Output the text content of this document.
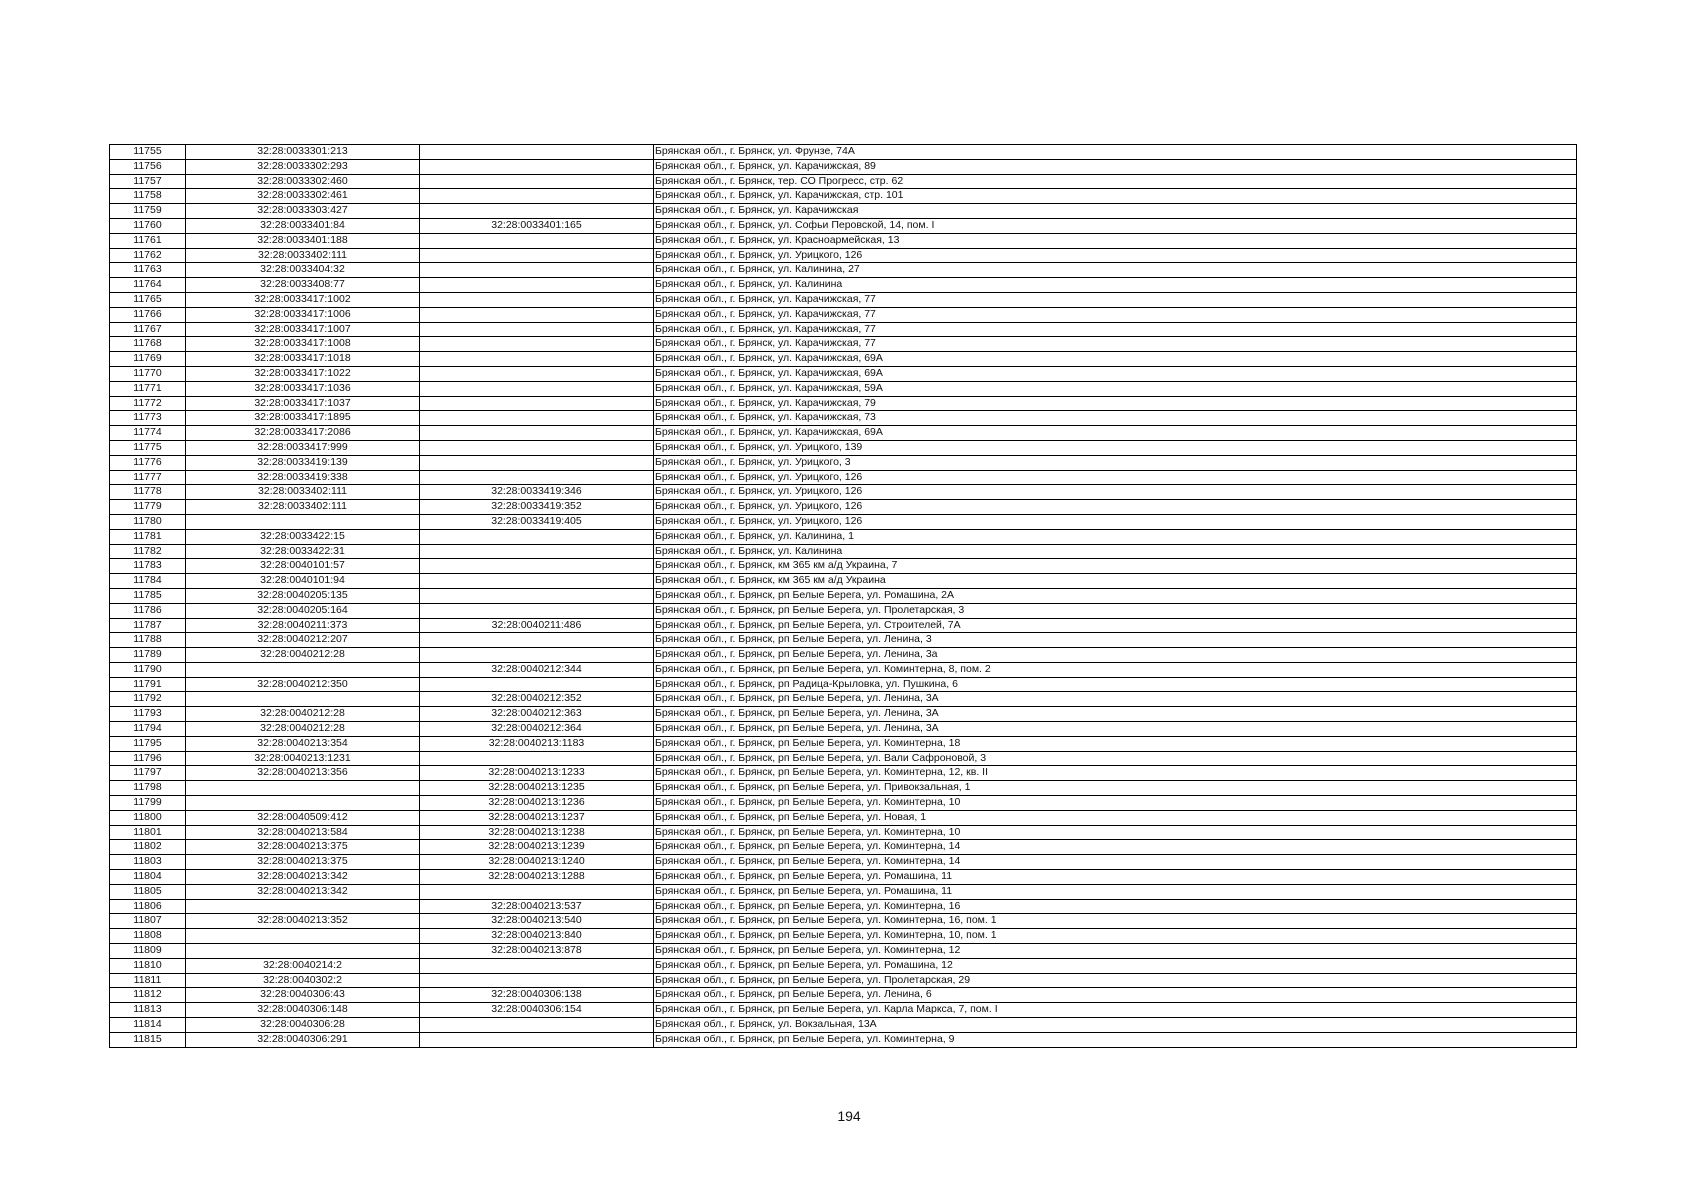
11755	32:28:0033301:213		Брянская обл., г. Брянск, ул. Фрунзе, 74А
11756	32:28:0033302:293		Брянская обл., г. Брянск, ул. Карачижская, 89
11757	32:28:0033302:460		Брянская обл., г. Брянск, тер. СО Прогресс, стр. 62
11758	32:28:0033302:461		Брянская обл., г. Брянск, ул. Карачижская, стр. 101
11759	32:28:0033303:427		Брянская обл., г. Брянск, ул. Карачижская
11760	32:28:0033401:84	32:28:0033401:165	Брянская обл., г. Брянск, ул. Софьи Перовской, 14, пом. I
11761	32:28:0033401:188		Брянская обл., г. Брянск, ул. Красноармейская, 13
11762	32:28:0033402:111		Брянская обл., г. Брянск, ул. Урицкого, 126
11763	32:28:0033404:32		Брянская обл., г. Брянск, ул. Калинина, 27
11764	32:28:0033408:77		Брянская обл., г. Брянск, ул. Калинина
11765	32:28:0033417:1002		Брянская обл., г. Брянск, ул. Карачижская, 77
11766	32:28:0033417:1006		Брянская обл., г. Брянск, ул. Карачижская, 77
11767	32:28:0033417:1007		Брянская обл., г. Брянск, ул. Карачижская, 77
11768	32:28:0033417:1008		Брянская обл., г. Брянск, ул. Карачижская, 77
11769	32:28:0033417:1018		Брянская обл., г. Брянск, ул. Карачижская, 69А
11770	32:28:0033417:1022		Брянская обл., г. Брянск, ул. Карачижская, 69А
11771	32:28:0033417:1036		Брянская обл., г. Брянск, ул. Карачижская, 59А
11772	32:28:0033417:1037		Брянская обл., г. Брянск, ул. Карачижская, 79
11773	32:28:0033417:1895		Брянская обл., г. Брянск, ул. Карачижская, 73
11774	32:28:0033417:2086		Брянская обл., г. Брянск, ул. Карачижская, 69А
11775	32:28:0033417:999		Брянская обл., г. Брянск, ул. Урицкого, 139
11776	32:28:0033419:139		Брянская обл., г. Брянск, ул. Урицкого, 3
11777	32:28:0033419:338		Брянская обл., г. Брянск, ул. Урицкого, 126
11778	32:28:0033402:111	32:28:0033419:346	Брянская обл., г. Брянск, ул. Урицкого, 126
11779	32:28:0033402:111	32:28:0033419:352	Брянская обл., г. Брянск, ул. Урицкого, 126
11780		32:28:0033419:405	Брянская обл., г. Брянск, ул. Урицкого, 126
11781	32:28:0033422:15		Брянская обл., г. Брянск, ул. Калинина, 1
11782	32:28:0033422:31		Брянская обл., г. Брянск, ул. Калинина
11783	32:28:0040101:57		Брянская обл., г. Брянск, км 365 км а/д Украина, 7
11784	32:28:0040101:94		Брянская обл., г. Брянск, км 365 км а/д Украина
11785	32:28:0040205:135		Брянская обл., г. Брянск, рп Белые Берега, ул. Ромашина, 2А
11786	32:28:0040205:164		Брянская обл., г. Брянск, рп Белые Берега, ул. Пролетарская, 3
11787	32:28:0040211:373	32:28:0040211:486	Брянская обл., г. Брянск, рп Белые Берега, ул. Строителей, 7А
11788	32:28:0040212:207		Брянская обл., г. Брянск, рп Белые Берега, ул. Ленина, 3
11789	32:28:0040212:28		Брянская обл., г. Брянск, рп Белые Берега, ул. Ленина, 3а
11790		32:28:0040212:344	Брянская обл., г. Брянск, рп Белые Берега, ул. Коминтерна, 8, пом. 2
11791	32:28:0040212:350		Брянская обл., г. Брянск, рп Радица-Крыловка, ул. Пушкина, 6
11792		32:28:0040212:352	Брянская обл., г. Брянск, рп Белые Берега, ул. Ленина, 3А
11793	32:28:0040212:28	32:28:0040212:363	Брянская обл., г. Брянск, рп Белые Берега, ул. Ленина, 3А
11794	32:28:0040212:28	32:28:0040212:364	Брянская обл., г. Брянск, рп Белые Берега, ул. Ленина, 3А
11795	32:28:0040213:354	32:28:0040213:1183	Брянская обл., г. Брянск, рп Белые Берега, ул. Коминтерна, 18
11796	32:28:0040213:1231		Брянская обл., г. Брянск, рп Белые Берега, ул. Вали Сафроновой, 3
11797	32:28:0040213:356	32:28:0040213:1233	Брянская обл., г. Брянск, рп Белые Берега, ул. Коминтерна, 12, кв. II
11798		32:28:0040213:1235	Брянская обл., г. Брянск, рп Белые Берега, ул. Привокзальная, 1
11799		32:28:0040213:1236	Брянская обл., г. Брянск, рп Белые Берега, ул. Коминтерна, 10
11800	32:28:0040509:412	32:28:0040213:1237	Брянская обл., г. Брянск, рп Белые Берега, ул. Новая, 1
11801	32:28:0040213:584	32:28:0040213:1238	Брянская обл., г. Брянск, рп Белые Берега, ул. Коминтерна, 10
11802	32:28:0040213:375	32:28:0040213:1239	Брянская обл., г. Брянск, рп Белые Берега, ул. Коминтерна, 14
11803	32:28:0040213:375	32:28:0040213:1240	Брянская обл., г. Брянск, рп Белые Берега, ул. Коминтерна, 14
11804	32:28:0040213:342	32:28:0040213:1288	Брянская обл., г. Брянск, рп Белые Берега, ул. Ромашина, 11
11805	32:28:0040213:342		Брянская обл., г. Брянск, рп Белые Берега, ул. Ромашина, 11
11806		32:28:0040213:537	Брянская обл., г. Брянск, рп Белые Берега, ул. Коминтерна, 16
11807	32:28:0040213:352	32:28:0040213:540	Брянская обл., г. Брянск, рп Белые Берега, ул. Коминтерна, 16, пом. 1
11808		32:28:0040213:840	Брянская обл., г. Брянск, рп Белые Берега, ул. Коминтерна, 10, пом. 1
11809		32:28:0040213:878	Брянская обл., г. Брянск, рп Белые Берега, ул. Коминтерна, 12
11810	32:28:0040214:2		Брянская обл., г. Брянск, рп Белые Берега, ул. Ромашина, 12
11811	32:28:0040302:2		Брянская обл., г. Брянск, рп Белые Берега, ул. Пролетарская, 29
11812	32:28:0040306:43	32:28:0040306:138	Брянская обл., г. Брянск, рп Белые Берега, ул. Ленина, 6
11813	32:28:0040306:148	32:28:0040306:154	Брянская обл., г. Брянск, рп Белые Берега, ул. Карла Маркса, 7, пом. I
11814	32:28:0040306:28		Брянская обл., г. Брянск, ул. Вокзальная, 13А
11815	32:28:0040306:291		Брянская обл., г. Брянск, рп Белые Берега, ул. Коминтерна, 9
194
